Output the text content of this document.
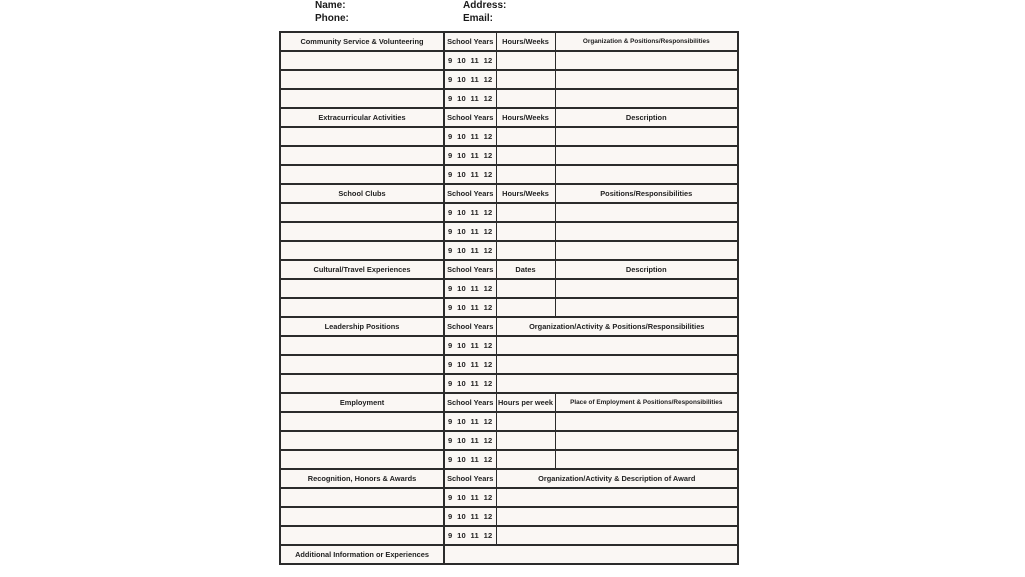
Name:
Phone:
Address:
Email:
Community Service & Volunteering	School Years	Hours/Weeks	Organization & Positions/Responsibilities
	9  10  11  12		
	9  10  11  12		
	9  10  11  12		
Extracurricular Activities	School Years	Hours/Weeks	Description
	9  10  11  12		
	9  10  11  12		
	9  10  11  12		
School Clubs	School Years	Hours/Weeks	Positions/Responsibilities
	9  10  11  12		
	9  10  11  12		
	9  10  11  12		
Cultural/Travel Experiences	School Years	Dates	Description
	9  10  11  12		
	9  10  11  12		
Leadership Positions	School Years	Organization/Activity & Positions/Responsibilities	
	9  10  11  12		
	9  10  11  12		
	9  10  11  12		
Employment	School Years	Hours per week	Place of Employment & Positions/Responsibilities
	9  10  11  12		
	9  10  11  12		
	9  10  11  12		
Recognition, Honors & Awards	School Years	Organization/Activity & Description of Award	
	9  10  11  12		
	9  10  11  12		
	9  10  11  12		
Additional Information or Experiences			
